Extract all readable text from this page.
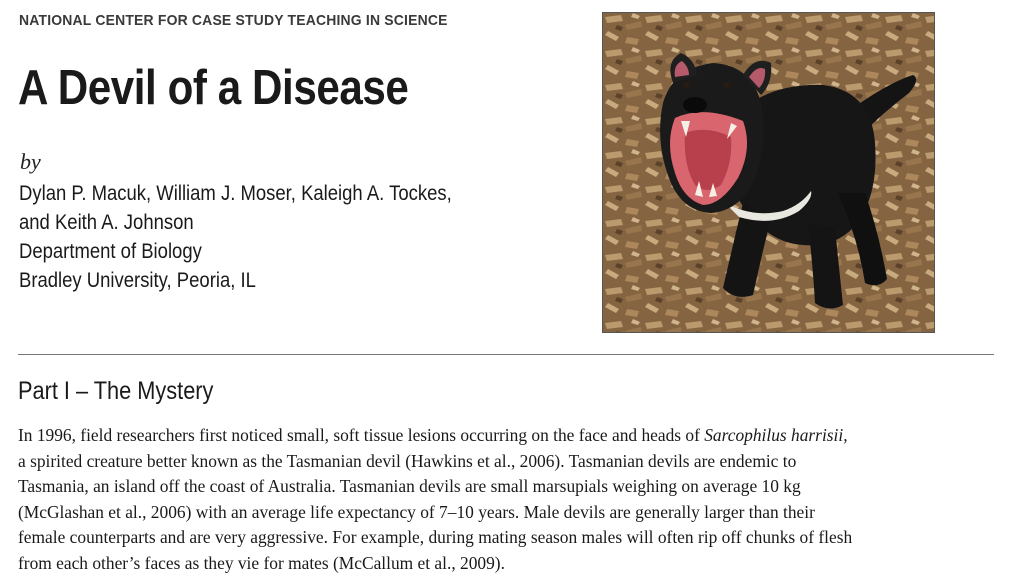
NATIONAL CENTER FOR CASE STUDY TEACHING IN SCIENCE
A Devil of a Disease
by
Dylan P. Macuk, William J. Moser, Kaleigh A. Tockes,
and Keith A. Johnson
Department of Biology
Bradley University, Peoria, IL
Part I – The Mystery
In 1996, field researchers first noticed small, soft tissue lesions occurring on the face and heads of Sarcophilus harrisii,
a spirited creature better known as the Tasmanian devil (Hawkins et al., 2006). Tasmanian devils are endemic to
Tasmania, an island off the coast of Australia. Tasmanian devils are small marsupials weighing on average 10 kg
(McGlashan et al., 2006) with an average life expectancy of 7–10 years. Male devils are generally larger than their
female counterparts and are very aggressive. For example, during mating season males will often rip off chunks of flesh
from each other’s faces as they vie for mates (McCallum et al., 2009).
